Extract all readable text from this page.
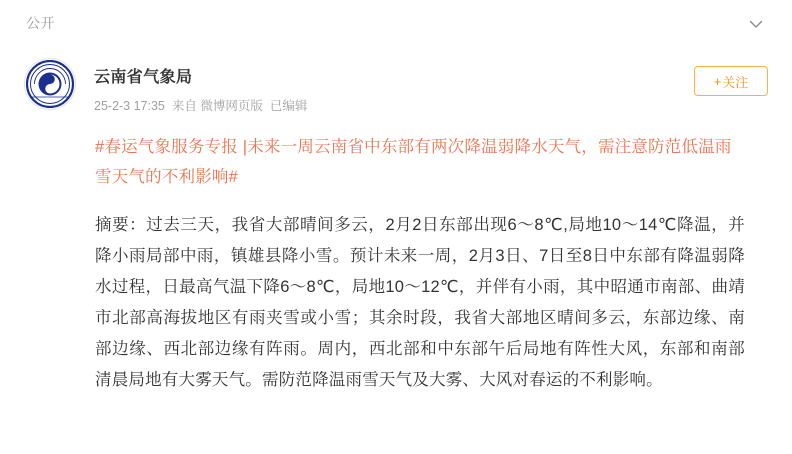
公开
云南省气象局
25-2-3 17:35 来自 微博网页版 已编辑
+ 关注
#春运气象服务专报 |未来一周云南省中东部有两次降温弱降水天气，需注意防范低温雨雪天气的不利影响#
摘要：过去三天，我省大部晴间多云，2月2日东部出现6～8℃,局地10～14℃降温，并降小雨局部中雨，镇雄县降小雪。预计未来一周，2月3日、7日至8日中东部有降温弱降水过程，日最高气温下降6～8℃，局地10～12℃，并伴有小雨，其中昭通市南部、曲靖市北部高海拔地区有雨夹雪或小雪；其余时段，我省大部地区晴间多云，东部边缘、南部边缘、西北部边缘有阵雨。周内，西北部和中东部午后局地有阵性大风，东部和南部清晨局地有大雾天气。需防范降温雨雪天气及大雾、大风对春运的不利影响。
